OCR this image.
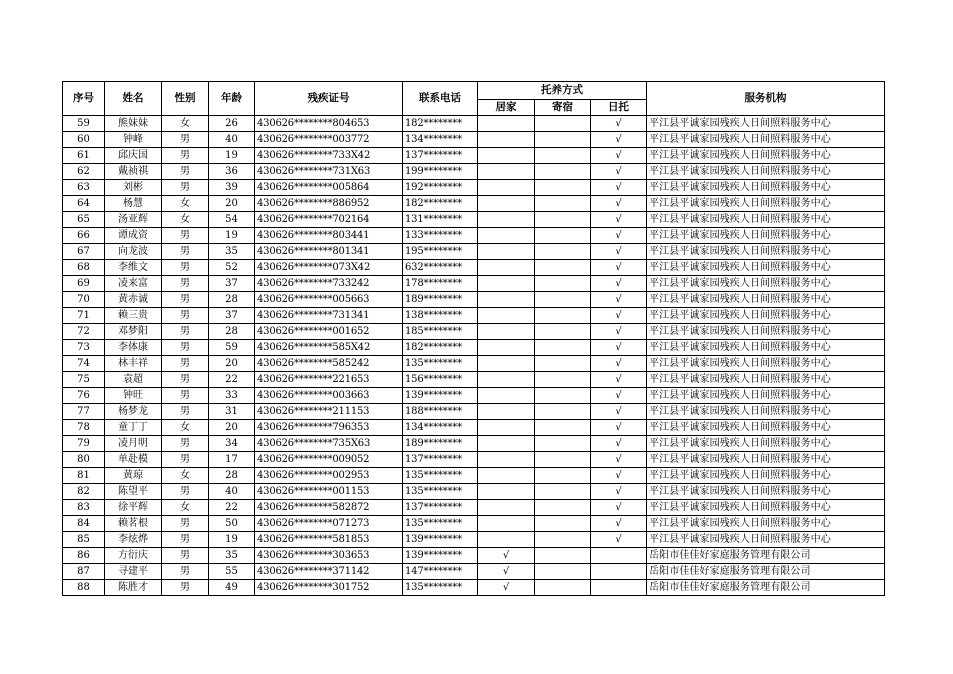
序号	姓名	性别	年龄	残疾证号	联系电话	托养方式			服务机构
						居家	寄宿	日托	
59	熊妹妹	女	26	430626********804653	182********			√	平江县平诚家园残疾人日间照料服务中心
60	钟峰	男	40	430626********003772	134********			√	平江县平诚家园残疾人日间照料服务中心
61	邱庆国	男	19	430626********733X42	137********			√	平江县平诚家园残疾人日间照料服务中心
62	戴祯祺	男	36	430626********731X63	199********			√	平江县平诚家园残疾人日间照料服务中心
63	刘彬	男	39	430626********005864	192********			√	平江县平诚家园残疾人日间照料服务中心
64	杨慧	女	20	430626********886952	182********			√	平江县平诚家园残疾人日间照料服务中心
65	汤亚辉	女	54	430626********702164	131********			√	平江县平诚家园残疾人日间照料服务中心
66	谭成资	男	19	430626********803441	133********			√	平江县平诚家园残疾人日间照料服务中心
67	向龙波	男	35	430626********801341	195********			√	平江县平诚家园残疾人日间照料服务中心
68	李维文	男	52	430626********073X42	632********			√	平江县平诚家园残疾人日间照料服务中心
69	凌来富	男	37	430626********733242	178********			√	平江县平诚家园残疾人日间照料服务中心
70	黄赤诚	男	28	430626********005663	189********			√	平江县平诚家园残疾人日间照料服务中心
71	赖三贵	男	37	430626********731341	138********			√	平江县平诚家园残疾人日间照料服务中心
72	邓梦阳	男	28	430626********001652	185********			√	平江县平诚家园残疾人日间照料服务中心
73	李体康	男	59	430626********585X42	182********			√	平江县平诚家园残疾人日间照料服务中心
74	林丰祥	男	20	430626********585242	135********			√	平江县平诚家园残疾人日间照料服务中心
75	袁超	男	22	430626********221653	156********			√	平江县平诚家园残疾人日间照料服务中心
76	钟旺	男	33	430626********003663	139********			√	平江县平诚家园残疾人日间照料服务中心
77	杨梦龙	男	31	430626********211153	188********			√	平江县平诚家园残疾人日间照料服务中心
78	童丁丁	女	20	430626********796353	134********			√	平江县平诚家园残疾人日间照料服务中心
79	凌月明	男	34	430626********735X63	189********			√	平江县平诚家园残疾人日间照料服务中心
80	单赴模	男	17	430626********009052	137********			√	平江县平诚家园残疾人日间照料服务中心
81	黄琼	女	28	430626********002953	135********			√	平江县平诚家园残疾人日间照料服务中心
82	陈望平	男	40	430626********001153	135********			√	平江县平诚家园残疾人日间照料服务中心
83	徐平辉	女	22	430626********582872	137********			√	平江县平诚家园残疾人日间照料服务中心
84	赖茗根	男	50	430626********071273	135********			√	平江县平诚家园残疾人日间照料服务中心
85	李炫烨	男	19	430626********581853	139********			√	平江县平诚家园残疾人日间照料服务中心
86	方衍庆	男	35	430626********303653	139********	√			岳阳市佳佳好家庭服务管理有限公司
87	寻建平	男	55	430626********371142	147********	√			岳阳市佳佳好家庭服务管理有限公司
88	陈胜才	男	49	430626********301752	135********	√			岳阳市佳佳好家庭服务管理有限公司
